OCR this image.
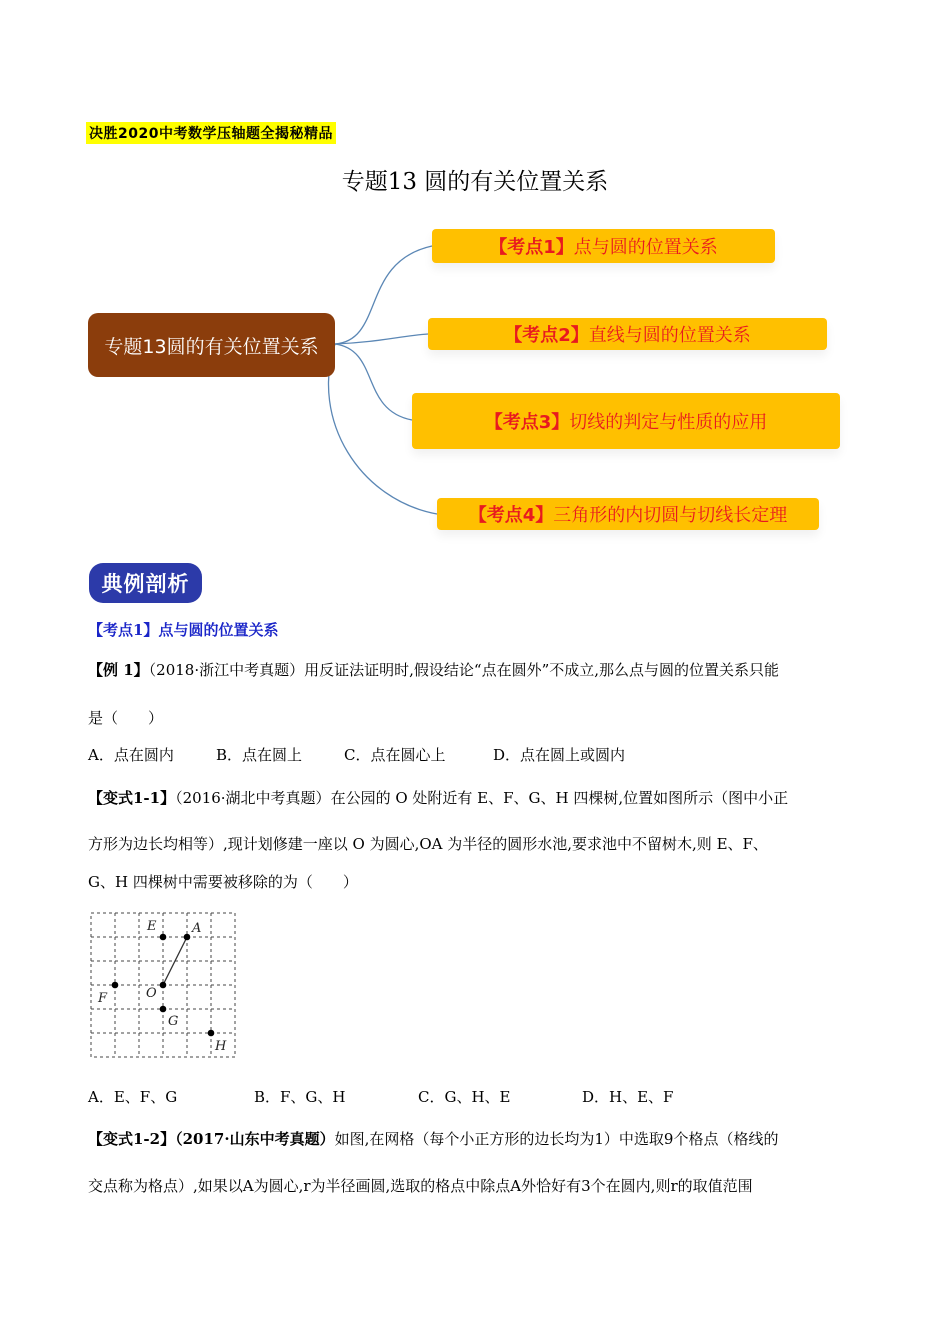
决胜2020中考数学压轴题全揭秘精品
专题13 圆的有关位置关系
专题13圆的有关位置关系
【考点1】 点与圆的位置关系
【考点2】 直线与圆的位置关系
【考点3】 切线的判定与性质的应用
【考点4】 三角形的内切圆与切线长定理
典例剖析
【考点1】点与圆的位置关系
【例 1】（2018·浙江中考真题）用反证法证明时,假设结论“点在圆外”不成立,那么点与圆的位置关系只能
是（　　）
A．点在圆内	B．点在圆上	C．点在圆心上	D．点在圆上或圆内
【变式1-1】（2016·湖北中考真题）在公园的 O 处附近有 E、F、G、H 四棵树,位置如图所示（图中小正
方形为边长均相等）,现计划修建一座以 O 为圆心,OA 为半径的圆形水池,要求池中不留树木,则 E、F、
G、H 四棵树中需要被移除的为（　　）
E	A
F	O
G
H
A．E、F、G	B．F、G、H	C．G、H、E	D．H、E、F
【变式1-2】（2017·山东中考真题）如图,在网格（每个小正方形的边长均为1）中选取9个格点（格线的
交点称为格点）,如果以A为圆心,r为半径画圆,选取的格点中除点A外恰好有3个在圆内,则r的取值范围
